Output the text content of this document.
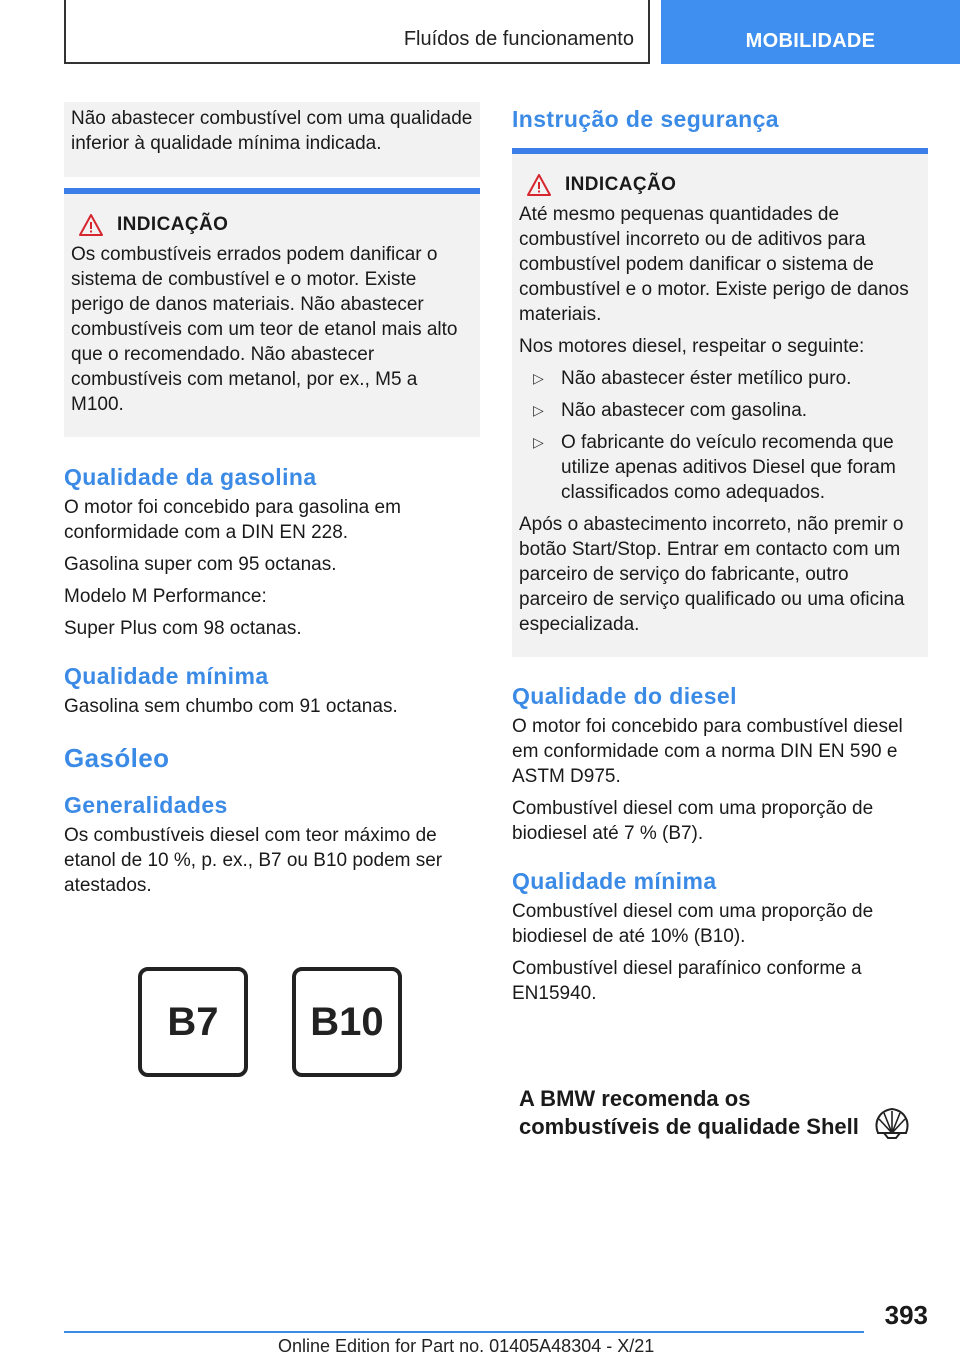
Fluídos de funcionamento	MOBILIDADE

Não abastecer combustível com uma qualidade inferior à qualidade mínima indicada.

INDICAÇÃO

Os combustíveis errados podem danificar o sistema de combustível e o motor. Existe perigo de danos materiais. Não abastecer combustíveis com um teor de etanol mais alto que o recomendado. Não abastecer combustíveis com metanol, por ex., M5 a M100.

Qualidade da gasolina

O motor foi concebido para gasolina em conformidade com a DIN EN 228.

Gasolina super com 95 octanas.

Modelo M Performance:

Super Plus com 98 octanas.

Qualidade mínima

Gasolina sem chumbo com 91 octanas.

Gasóleo
Generalidades

Os combustíveis diesel com teor máximo de etanol de 10 %, p. ex., B7 ou B10 podem ser atestados.

B7 B10
Instrução de segurança
INDICAÇÃO

Até mesmo pequenas quantidades de combustível incorreto ou de aditivos para combustível podem danificar o sistema de combustível e o motor. Existe perigo de danos materiais.

Nos motores diesel, respeitar o seguinte:

▷ Não abastecer éster metílico puro.
▷ Não abastecer com gasolina.
▷ O fabricante do veículo recomenda que utilize apenas aditivos Diesel que foram classificados como adequados.

Após o abastecimento incorreto, não premir o botão Start/Stop. Entrar em contacto com um parceiro de serviço do fabricante, outro parceiro de serviço qualificado ou uma oficina especializada.

Qualidade do diesel

O motor foi concebido para combustível diesel em conformidade com a norma DIN EN 590 e ASTM D975.

Combustível diesel com uma proporção de biodiesel até 7 % (B7).

Qualidade mínima

Combustível diesel com uma proporção de biodiesel de até 10% (B10).

Combustível diesel parafínico conforme a EN15940.

A BMW recomenda os
combustíveis de qualidade Shell
393
Online Edition for Part no. 01405A48304 - X/21
